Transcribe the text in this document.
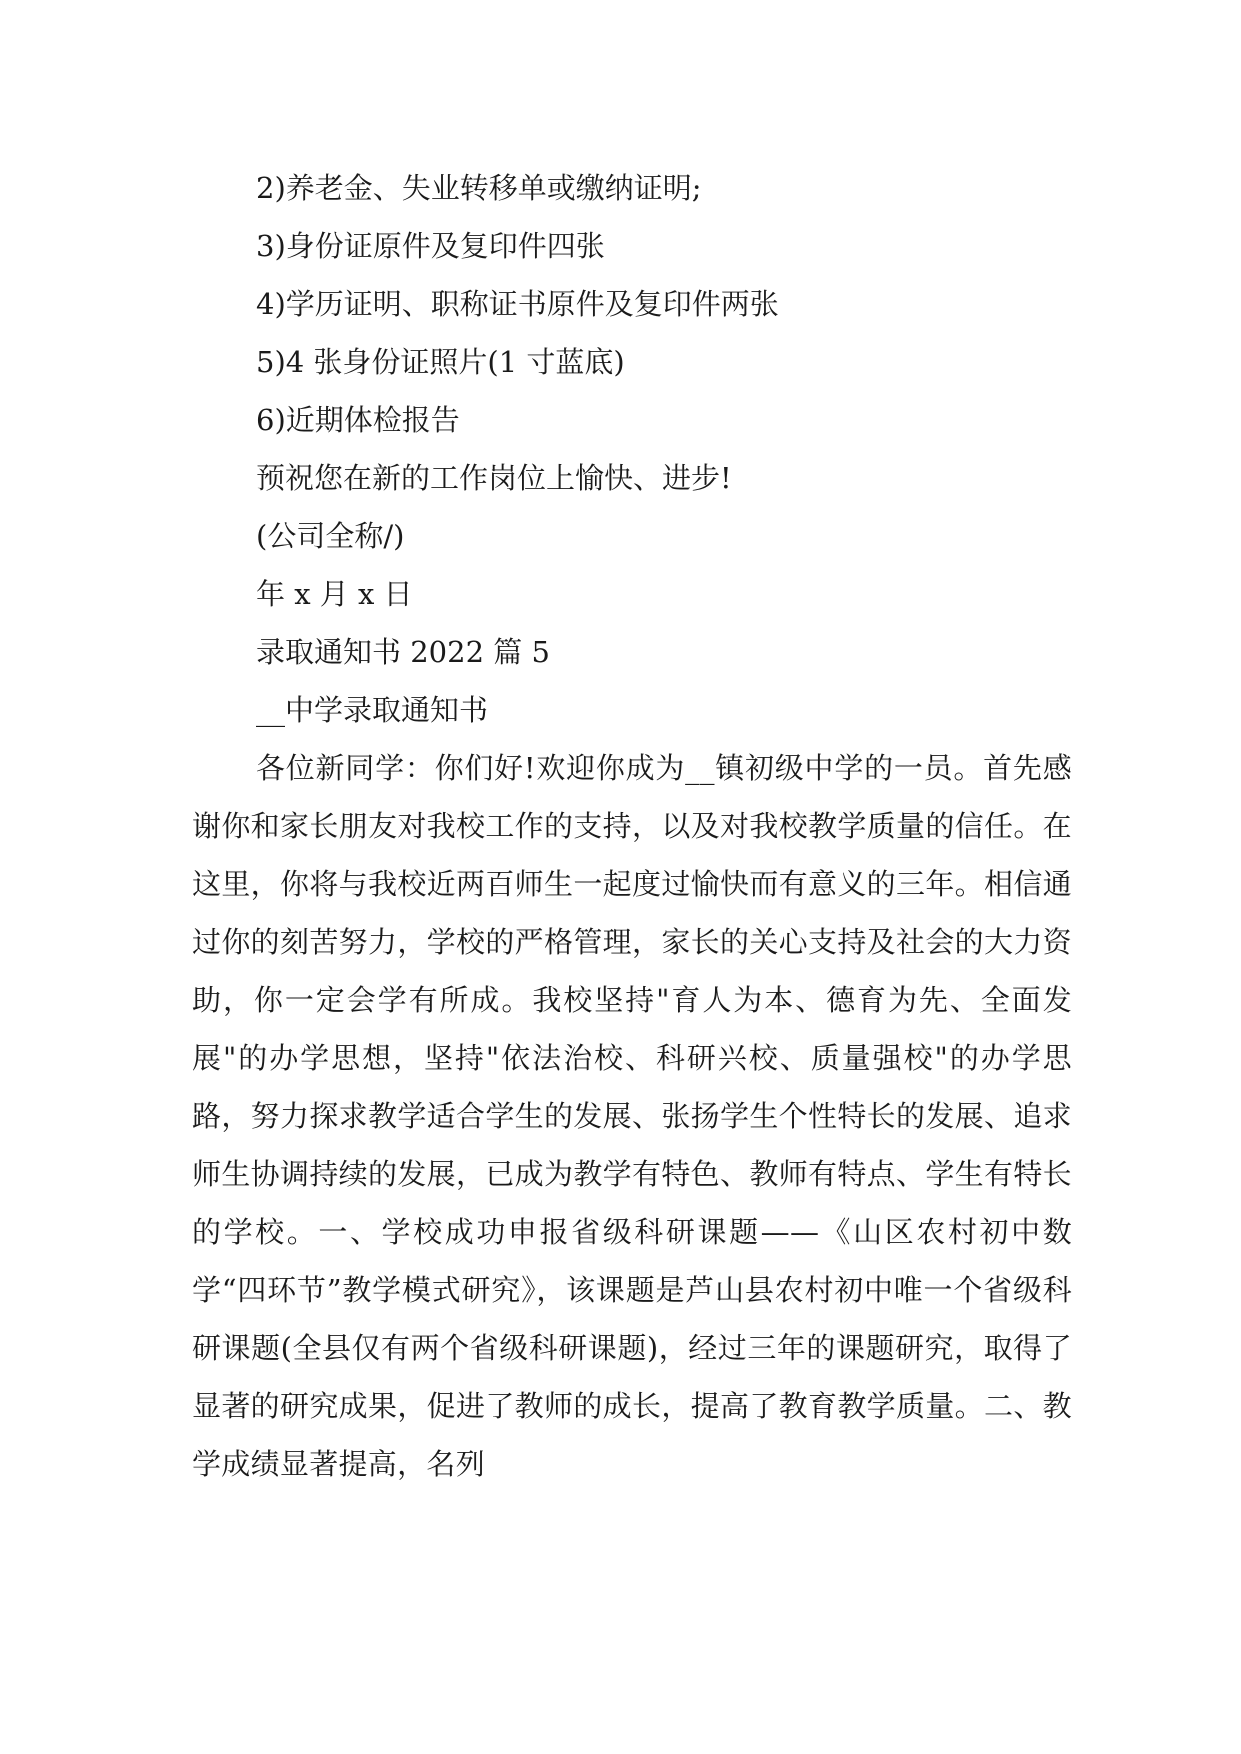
2)养老金、失业转移单或缴纳证明;

3)身份证原件及复印件四张

4)学历证明、职称证书原件及复印件两张

5)4 张身份证照片(1 寸蓝底)

6)近期体检报告

预祝您在新的工作岗位上愉快、进步!

(公司全称/)

年 x 月 x 日

录取通知书 2022 篇 5

__中学录取通知书

各位新同学：你们好!欢迎你成为__镇初级中学的一员。首先感谢你和家长朋友对我校工作的支持，以及对我校教学质量的信任。在这里，你将与我校近两百师生一起度过愉快而有意义的三年。相信通过你的刻苦努力，学校的严格管理，家长的关心支持及社会的大力资助，你一定会学有所成。我校坚持"育人为本、德育为先、全面发展"的办学思想，坚持"依法治校、科研兴校、质量强校"的办学思路，努力探求教学适合学生的发展、张扬学生个性特长的发展、追求师生协调持续的发展，已成为教学有特色、教师有特点、学生有特长的学校。一、学校成功申报省级科研课题——《山区农村初中数学“四环节”教学模式研究》，该课题是芦山县农村初中唯一个省级科研课题(全县仅有两个省级科研课题)，经过三年的课题研究，取得了显著的研究成果，促进了教师的成长，提高了教育教学质量。二、教学成绩显著提高，名列
